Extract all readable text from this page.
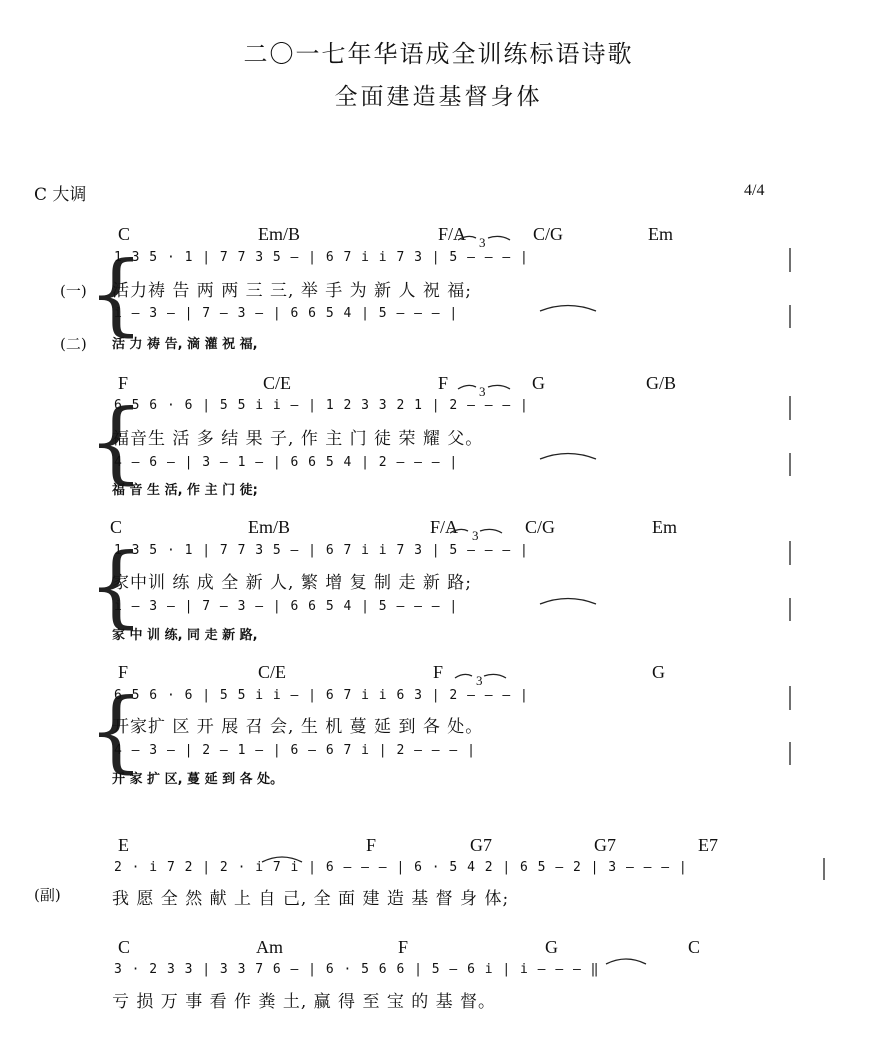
二〇一七年华语成全训练标语诗歌
全面建造基督身体
C 大调	4/4
(一)
(二)
C	Em/B	F/A 3	C/G	Em
{
1 3 5 · 1 | 7 7 3 5 – | 6 7 i i 7 3 | 5 – – – |
活力祷 告 两 两 三 三, 举 手 为 新 人 祝 福;
i – 3 – | 7 – 3 – | 6 6 5 4 | 5 – – – |
活 力 祷 告, 滴 灌 祝 福,
F	C/E	F 3	G	G/B
{
6 5 6 · 6 | 5 5 i i – | 1 2 3 3 2 1 | 2 – – – |
福音生 活 多 结 果 子, 作 主 门 徒 荣 耀 父。
4 – 6 – | 3 – 1 – | 6 6 5 4 | 2 – – – |
福 音 生 活, 作 主 门 徒;
C	Em/B	F/A 3	C/G	Em
{
1 3 5 · 1 | 7 7 3 5 – | 6 7 i i 7 3 | 5 – – – |
家中训 练 成 全 新 人, 繁 增 复 制 走 新 路;
i – 3 – | 7 – 3 – | 6 6 5 4 | 5 – – – |
家 中 训 练, 同 走 新 路,
F	C/E	F	3	G
{
6 5 6 · 6 | 5 5 i i – | 6 7 i i 6 3 | 2 – – – |
开家扩 区 开 展 召 会, 生 机 蔓 延 到 各 处。
4 – 3 – | 2 – 1 – | 6 – 6 7 i | 2 – – – |
开 家 扩 区, 蔓 延 到 各 处。
E	F	G7	G7	E7
2 · i 7 2 | 2 · i 7 i | 6 – – – | 6 · 5 4 2 | 6 5 – 2 | 3 – – – |
(副)	我 愿 全 然 献 上 自 己, 全 面 建 造 基 督 身 体;
C	Am	F	G	C
3 · 2 3 3 | 3 3 7 6 – | 6 · 5 6 6 | 5 – 6 i | i – – – ‖
亏 损 万 事 看 作 粪 土, 赢 得 至 宝 的 基 督。
